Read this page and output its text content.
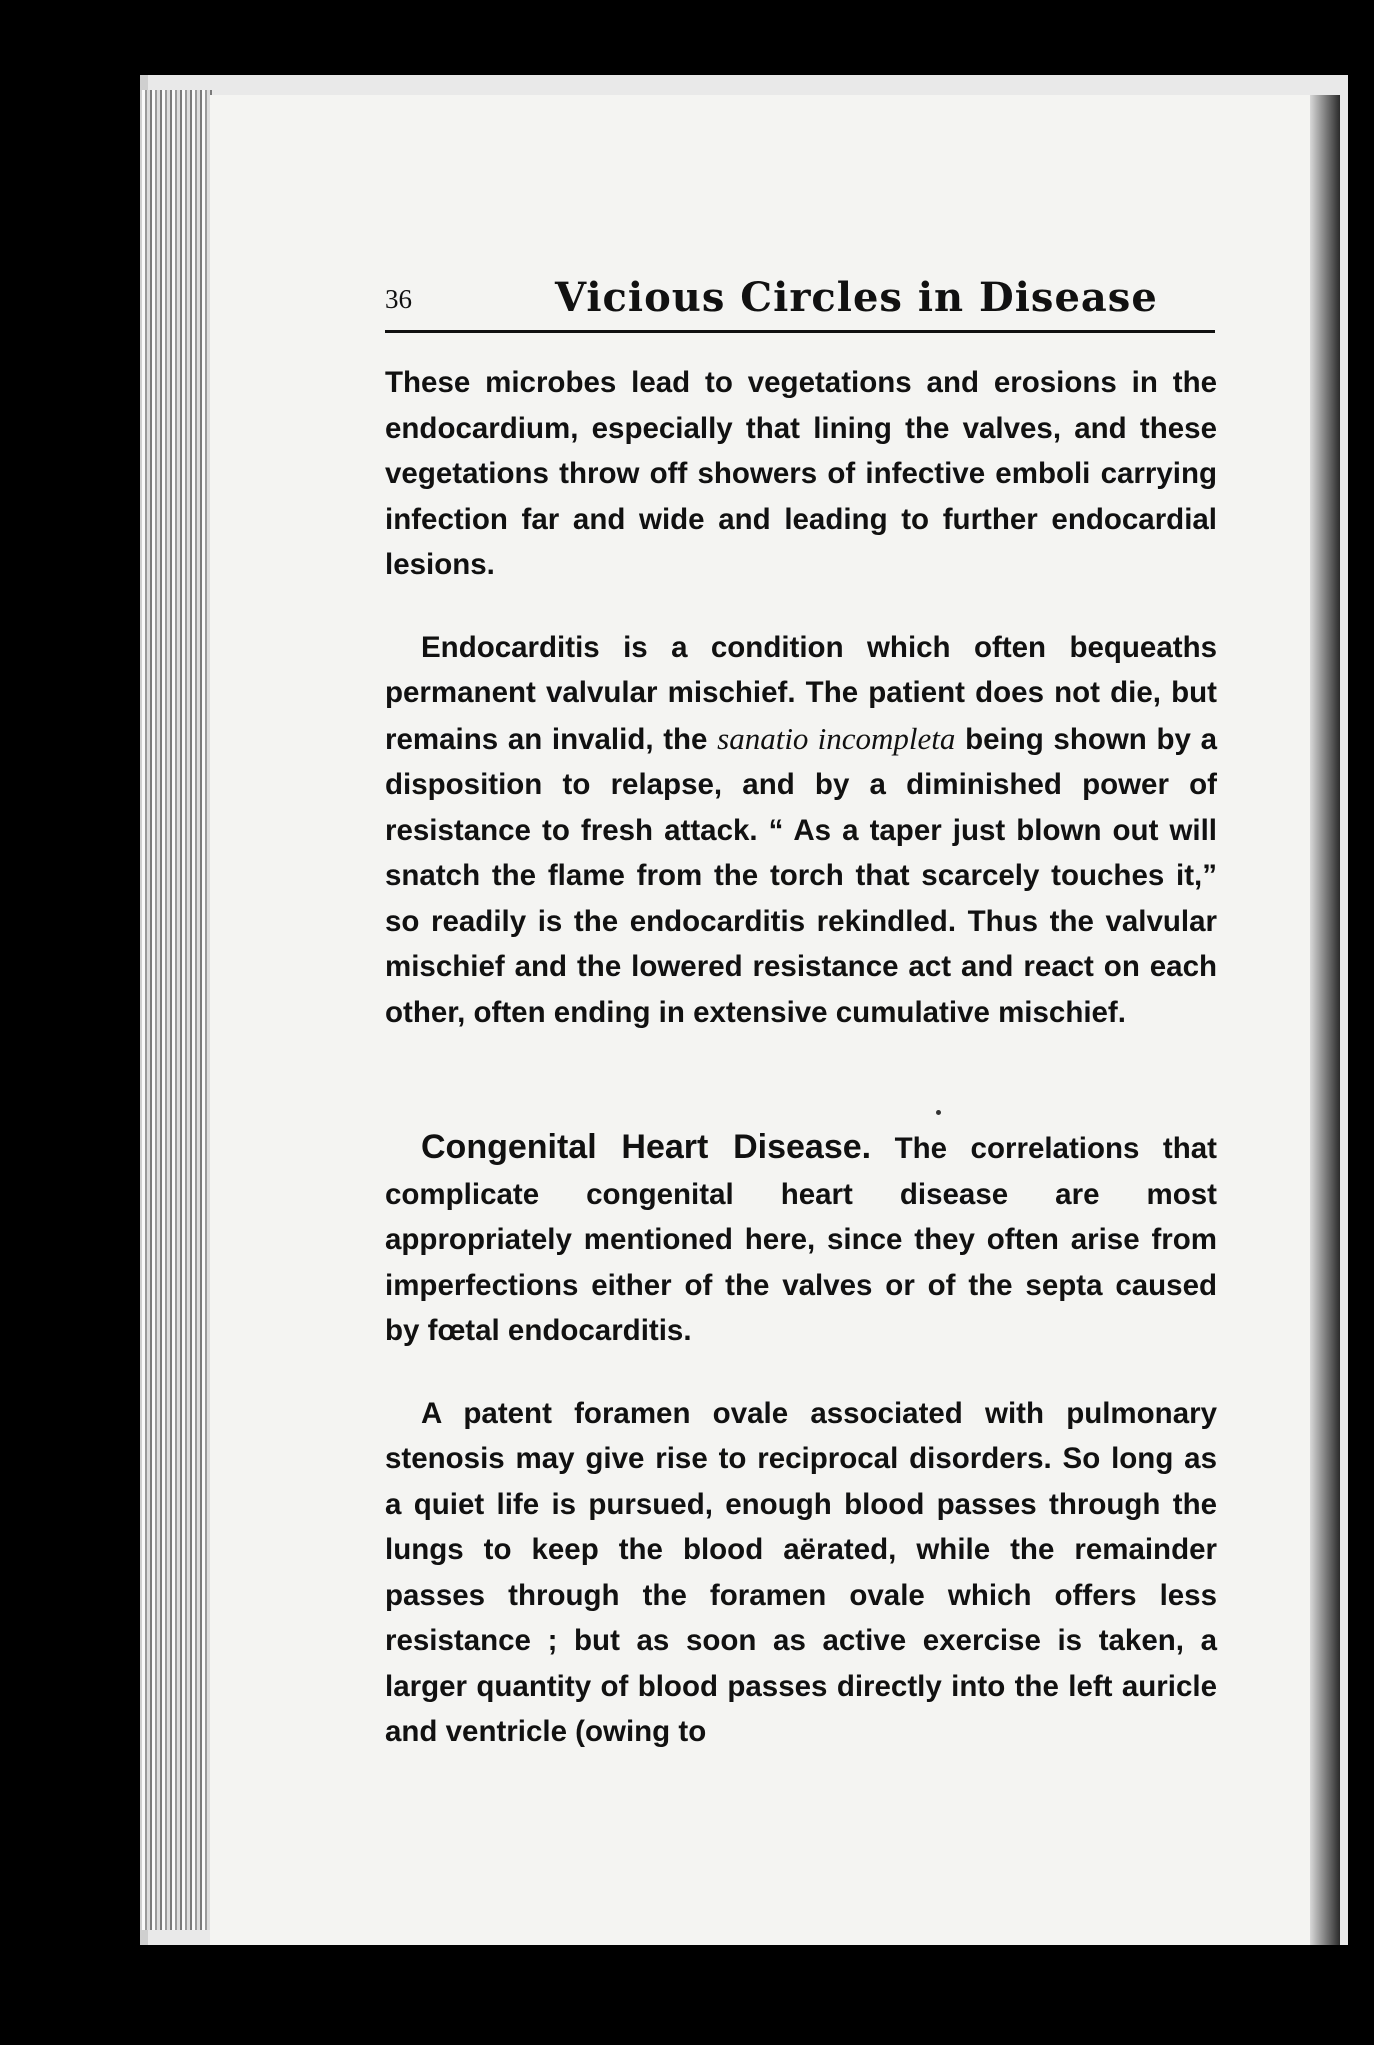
36	Vicious Circles in Disease

These microbes lead to vegetations and erosions in the endocardium, especially that lining the valves, and these vegetations throw off showers of infective emboli carrying infection far and wide and leading to further endocardial lesions.

Endocarditis is a condition which often bequeaths permanent valvular mischief. The patient does not die, but remains an invalid, the sanatio incompleta being shown by a disposition to relapse, and by a diminished power of resistance to fresh attack. “ As a taper just blown out will snatch the flame from the torch that scarcely touches it,” so readily is the endocarditis rekindled. Thus the valvular mischief and the lowered resistance act and react on each other, often ending in extensive cumulative mischief.

Congenital Heart Disease. The correlations that complicate congenital heart disease are most appropriately mentioned here, since they often arise from imperfections either of the valves or of the septa caused by fœtal endocarditis.

A patent foramen ovale associated with pulmonary stenosis may give rise to reciprocal disorders. So long as a quiet life is pursued, enough blood passes through the lungs to keep the blood aërated, while the remainder passes through the foramen ovale which offers less resistance ; but as soon as active exercise is taken, a larger quantity of blood passes directly into the left auricle and ventricle (owing to
